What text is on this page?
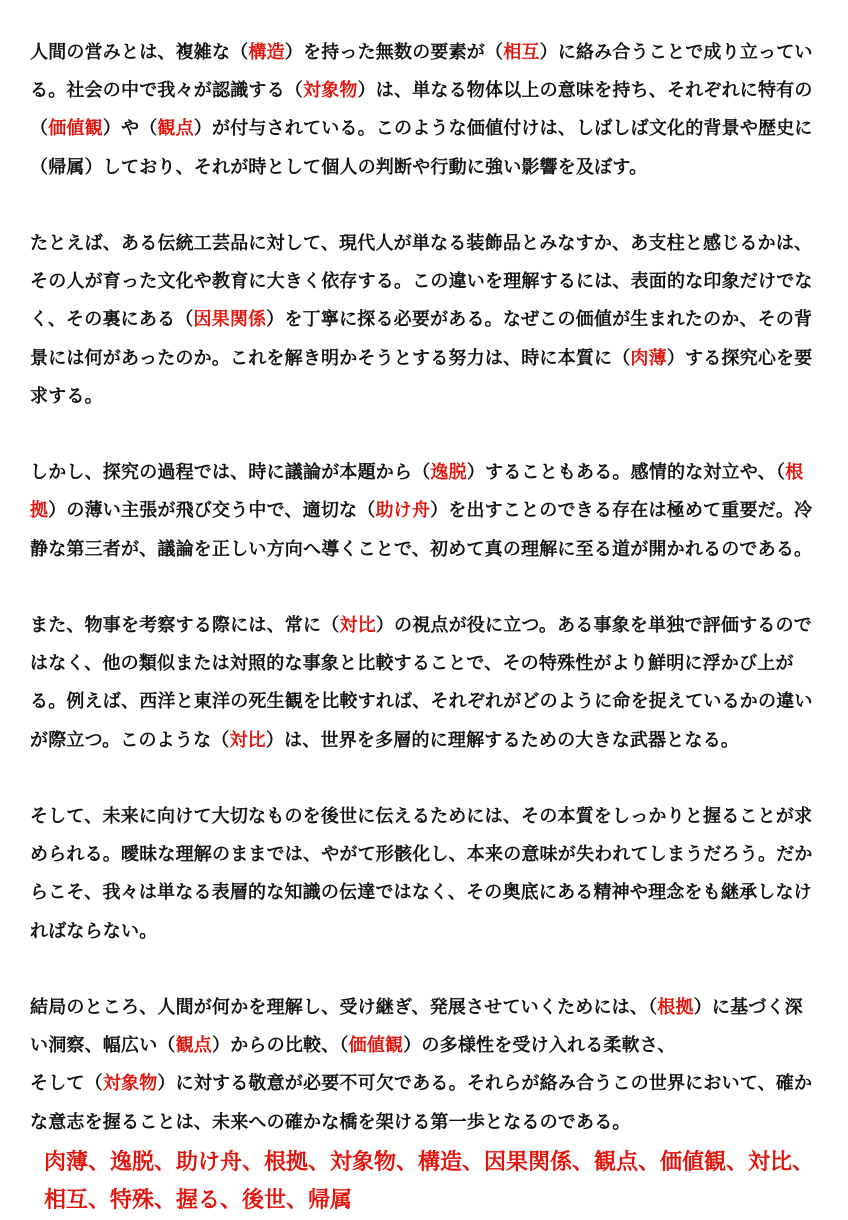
人間の営みとは、複雑な（構造）を持った無数の要素が（相互）に絡み合うことで成り立っている。社会の中で我々が認識する（対象物）は、単なる物体以上の意味を持ち、それぞれに特有の（価値観）や（観点）が付与されている。このような価値付けは、しばしば文化的背景や歴史に（帰属）しており、それが時として個人の判断や行動に強い影響を及ぼす。

たとえば、ある伝統工芸品に対して、現代人が単なる装飾品とみなすか、あ支柱と感じるかは、その人が育った文化や教育に大きく依存する。この違いを理解するには、表面的な印象だけでなく、その裏にある（因果関係）を丁寧に探る必要がある。なぜこの価値が生まれたのか、その背景には何があったのか。これを解き明かそうとする努力は、時に本質に（肉薄）する探究心を要求する。

しかし、探究の過程では、時に議論が本題から（逸脱）することもある。感情的な対立や、（根拠）の薄い主張が飛び交う中で、適切な（助け舟）を出すことのできる存在は極めて重要だ。冷静な第三者が、議論を正しい方向へ導くことで、初めて真の理解に至る道が開かれるのである。

また、物事を考察する際には、常に（対比）の視点が役に立つ。ある事象を単独で評価するのではなく、他の類似または対照的な事象と比較することで、その特殊性がより鮮明に浮かび上がる。例えば、西洋と東洋の死生観を比較すれば、それぞれがどのように命を捉えているかの違いが際立つ。このような（対比）は、世界を多層的に理解するための大きな武器となる。

そして、未来に向けて大切なものを後世に伝えるためには、その本質をしっかりと握ることが求められる。曖昧な理解のままでは、やがて形骸化し、本来の意味が失われてしまうだろう。だからこそ、我々は単なる表層的な知識の伝達ではなく、その奥底にある精神や理念をも継承しなければならない。

結局のところ、人間が何かを理解し、受け継ぎ、発展させていくためには、（根拠）に基づく深い洞察、幅広い（観点）からの比較、（価値観）の多様性を受け入れる柔軟さ、
そして（対象物）に対する敬意が必要不可欠である。それらが絡み合うこの世界において、確かな意志を握ることは、未来への確かな橋を架ける第一歩となるのである。

肉薄、逸脱、助け舟、根拠、対象物、構造、因果関係、観点、価値観、対比、相互、特殊、握る、後世、帰属
